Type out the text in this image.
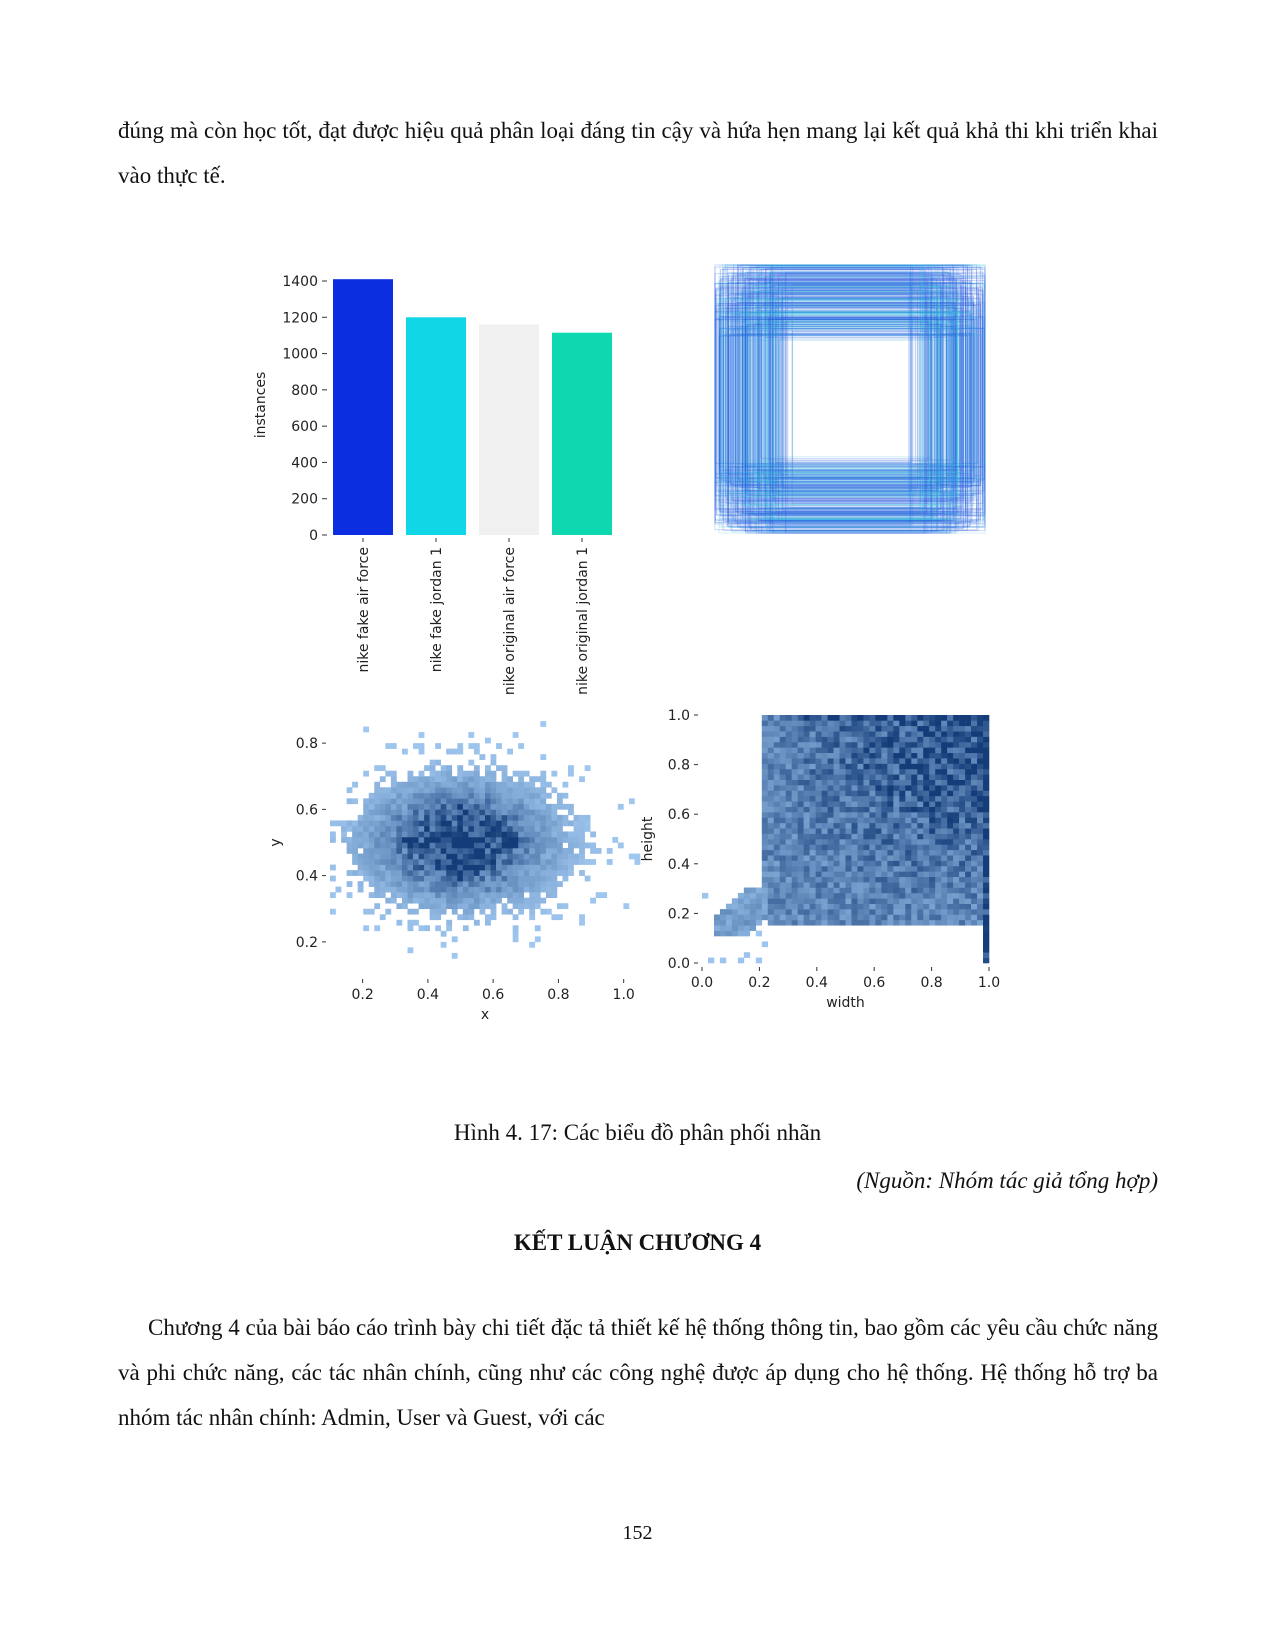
đúng mà còn học tốt, đạt được hiệu quả phân loại đáng tin cậy và hứa hẹn mang lại kết quả khả thi khi triển khai vào thực tế.

0
200
400
600
800
1000
1200
1400
instances
nike fake air force	nike fake jordan 1	nike original air force	nike original jordan 1
0.2	0.4	0.6	0.8	1.0
0.2
0.4
0.6
0.8
x
y
0.0	0.2	0.4	0.6	0.8	1.0
0.0
0.2
0.4
0.6
0.8
1.0
width
height
Hình 4. 17: Các biểu đồ phân phối nhãn
(Nguồn: Nhóm tác giả tổng hợp)
KẾT LUẬN CHƯƠNG 4

Chương 4 của bài báo cáo trình bày chi tiết đặc tả thiết kế hệ thống thông tin, bao gồm các yêu cầu chức năng và phi chức năng, các tác nhân chính, cũng như các công nghệ được áp dụng cho hệ thống. Hệ thống hỗ trợ ba nhóm tác nhân chính: Admin, User và Guest, với các

152
